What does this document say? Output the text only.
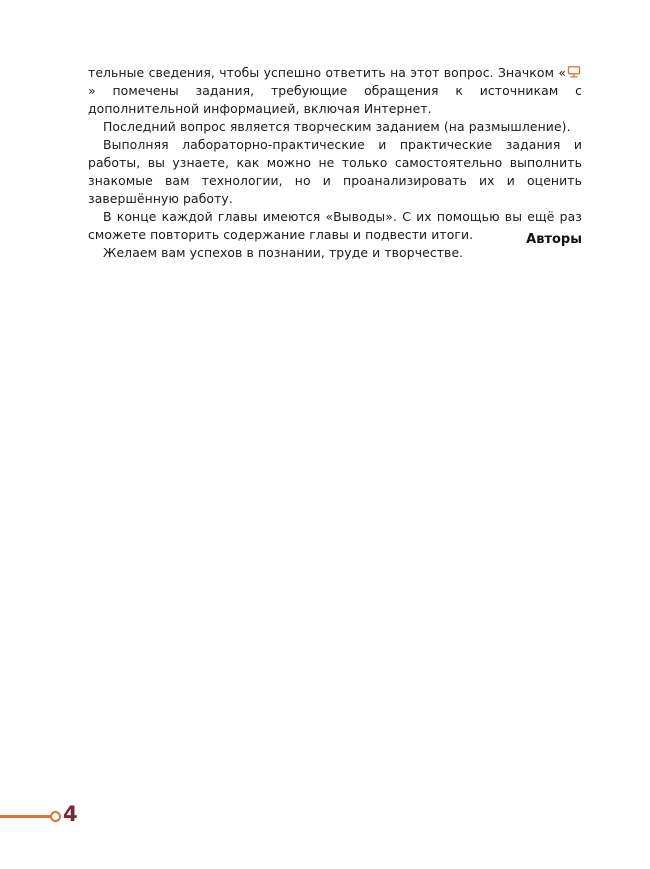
тельные сведения, чтобы успешно ответить на этот вопрос. Значком «» помечены задания, требующие обращения к источникам с дополнительной информацией, включая Интернет.

Последний вопрос является творческим заданием (на размышление).

Выполняя лабораторно-практические и практические задания и работы, вы узнаете, как можно не только самостоятельно выполнить знакомые вам технологии, но и проанализировать их и оценить завершённую работу.

В конце каждой главы имеются «Выводы». С их помощью вы ещё раз сможете повторить содержание главы и подвести итоги.

Желаем вам успехов в познании, труде и творчестве.

Авторы
4
